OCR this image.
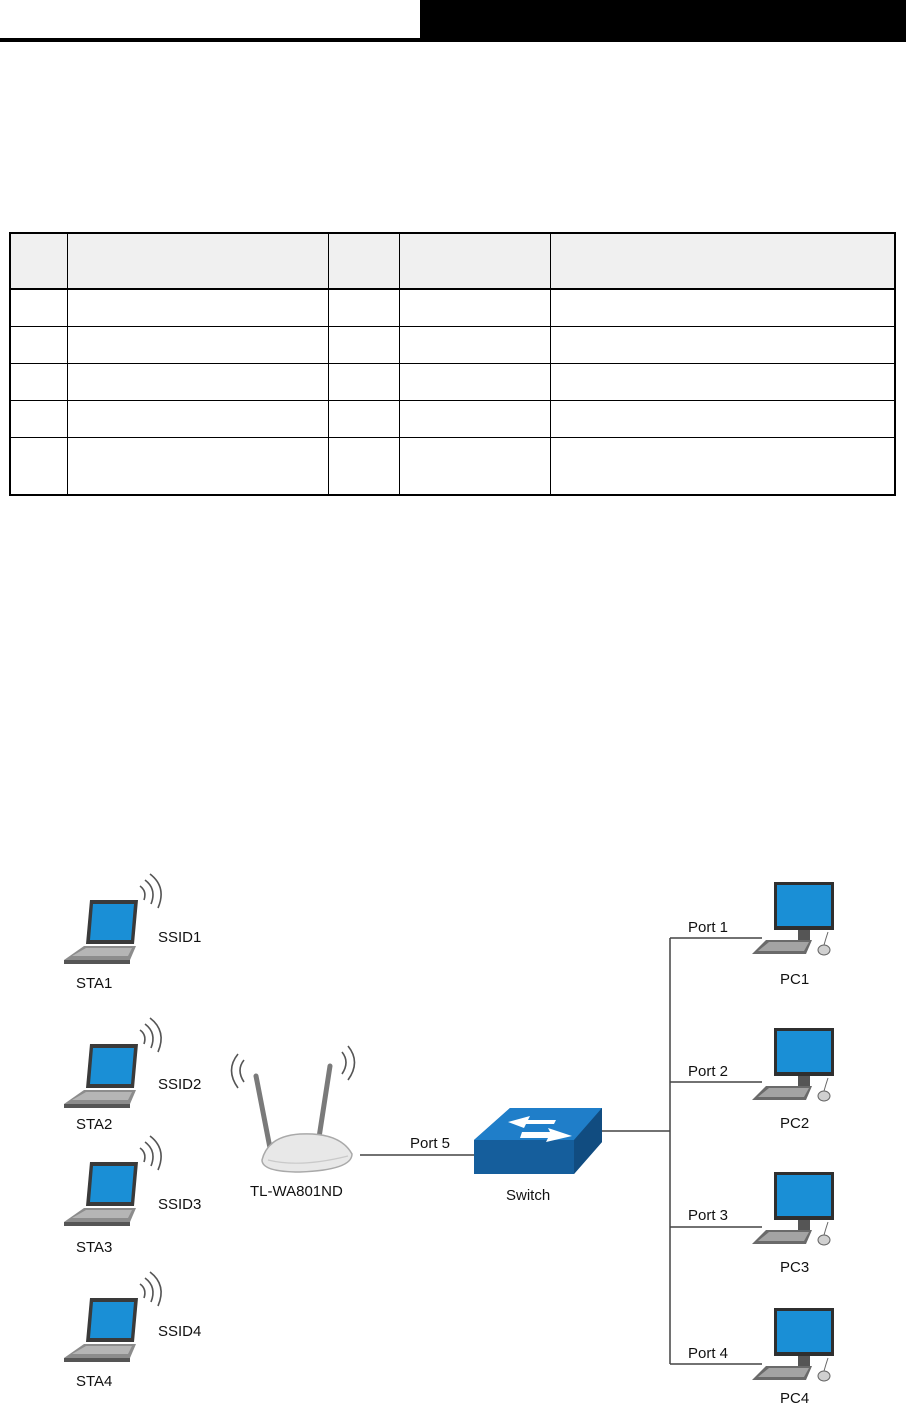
SSID1
STA1
SSID2
STA2
SSID3
STA3
SSID4
STA4
TL-WA801ND
Port 5
Switch
Port 1
PC1
Port 2
PC2
Port 3
PC3
Port 4
PC4
